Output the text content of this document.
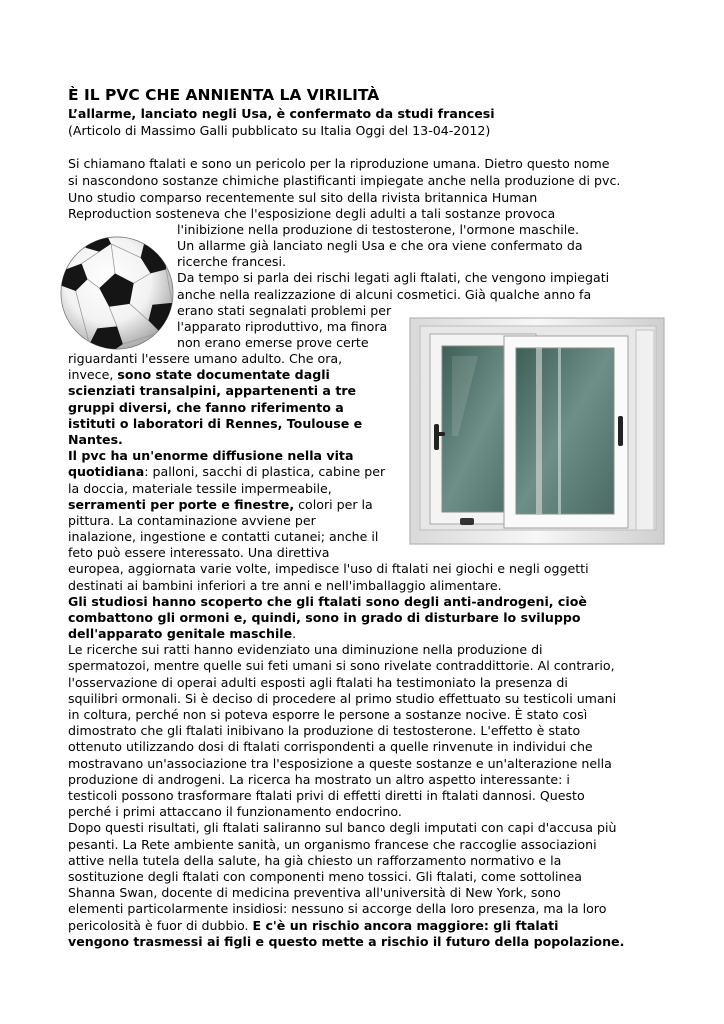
È IL PVC CHE ANNIENTA LA VIRILITÀ
L’allarme, lanciato negli Usa, è confermato da studi francesi
(Articolo di Massimo Galli pubblicato su Italia Oggi del 13-04-2012)
Si chiamano ftalati e sono un pericolo per la riproduzione umana. Dietro questo nome
si nascondono sostanze chimiche plastificanti impiegate anche nella produzione di pvc.
Uno studio comparso recentemente sul sito della rivista britannica Human
Reproduction sosteneva che l'esposizione degli adulti a tali sostanze provoca
l'inibizione nella produzione di testosterone, l'ormone maschile.
Un allarme già lanciato negli Usa e che ora viene confermato da
ricerche francesi.
Da tempo si parla dei rischi legati agli ftalati, che vengono impiegati
anche nella realizzazione di alcuni cosmetici. Già qualche anno fa
erano stati segnalati problemi per
l'apparato riproduttivo, ma finora
non erano emerse prove certe
riguardanti l'essere umano adulto. Che ora,
invece, sono state documentate dagli
scienziati transalpini, appartenenti a tre
gruppi diversi, che fanno riferimento a
istituti o laboratori di Rennes, Toulouse e
Nantes.
Il pvc ha un'enorme diffusione nella vita
quotidiana: palloni, sacchi di plastica, cabine per
la doccia, materiale tessile impermeabile,
serramenti per porte e finestre, colori per la
pittura. La contaminazione avviene per
inalazione, ingestione e contatti cutanei; anche il
feto può essere interessato. Una direttiva
europea, aggiornata varie volte, impedisce l'uso di ftalati nei giochi e negli oggetti
destinati ai bambini inferiori a tre anni e nell'imballaggio alimentare.
Gli studiosi hanno scoperto che gli ftalati sono degli anti-androgeni, cioè
combattono gli ormoni e, quindi, sono in grado di disturbare lo sviluppo
dell'apparato genitale maschile.
Le ricerche sui ratti hanno evidenziato una diminuzione nella produzione di
spermatozoi, mentre quelle sui feti umani si sono rivelate contraddittorie. Al contrario,
l'osservazione di operai adulti esposti agli ftalati ha testimoniato la presenza di
squilibri ormonali. Si è deciso di procedere al primo studio effettuato su testicoli umani
in coltura, perché non si poteva esporre le persone a sostanze nocive. È stato così
dimostrato che gli ftalati inibivano la produzione di testosterone. L'effetto è stato
ottenuto utilizzando dosi di ftalati corrispondenti a quelle rinvenute in individui che
mostravano un'associazione tra l'esposizione a queste sostanze e un'alterazione nella
produzione di androgeni. La ricerca ha mostrato un altro aspetto interessante: i
testicoli possono trasformare ftalati privi di effetti diretti in ftalati dannosi. Questo
perché i primi attaccano il funzionamento endocrino.
Dopo questi risultati, gli ftalati saliranno sul banco degli imputati con capi d'accusa più
pesanti. La Rete ambiente sanità, un organismo francese che raccoglie associazioni
attive nella tutela della salute, ha già chiesto un rafforzamento normativo e la
sostituzione degli ftalati con componenti meno tossici. Gli ftalati, come sottolinea
Shanna Swan, docente di medicina preventiva all'università di New York, sono
elementi particolarmente insidiosi: nessuno si accorge della loro presenza, ma la loro
pericolosità è fuor di dubbio. E c'è un rischio ancora maggiore: gli ftalati
vengono trasmessi ai figli e questo mette a rischio il futuro della popolazione.
